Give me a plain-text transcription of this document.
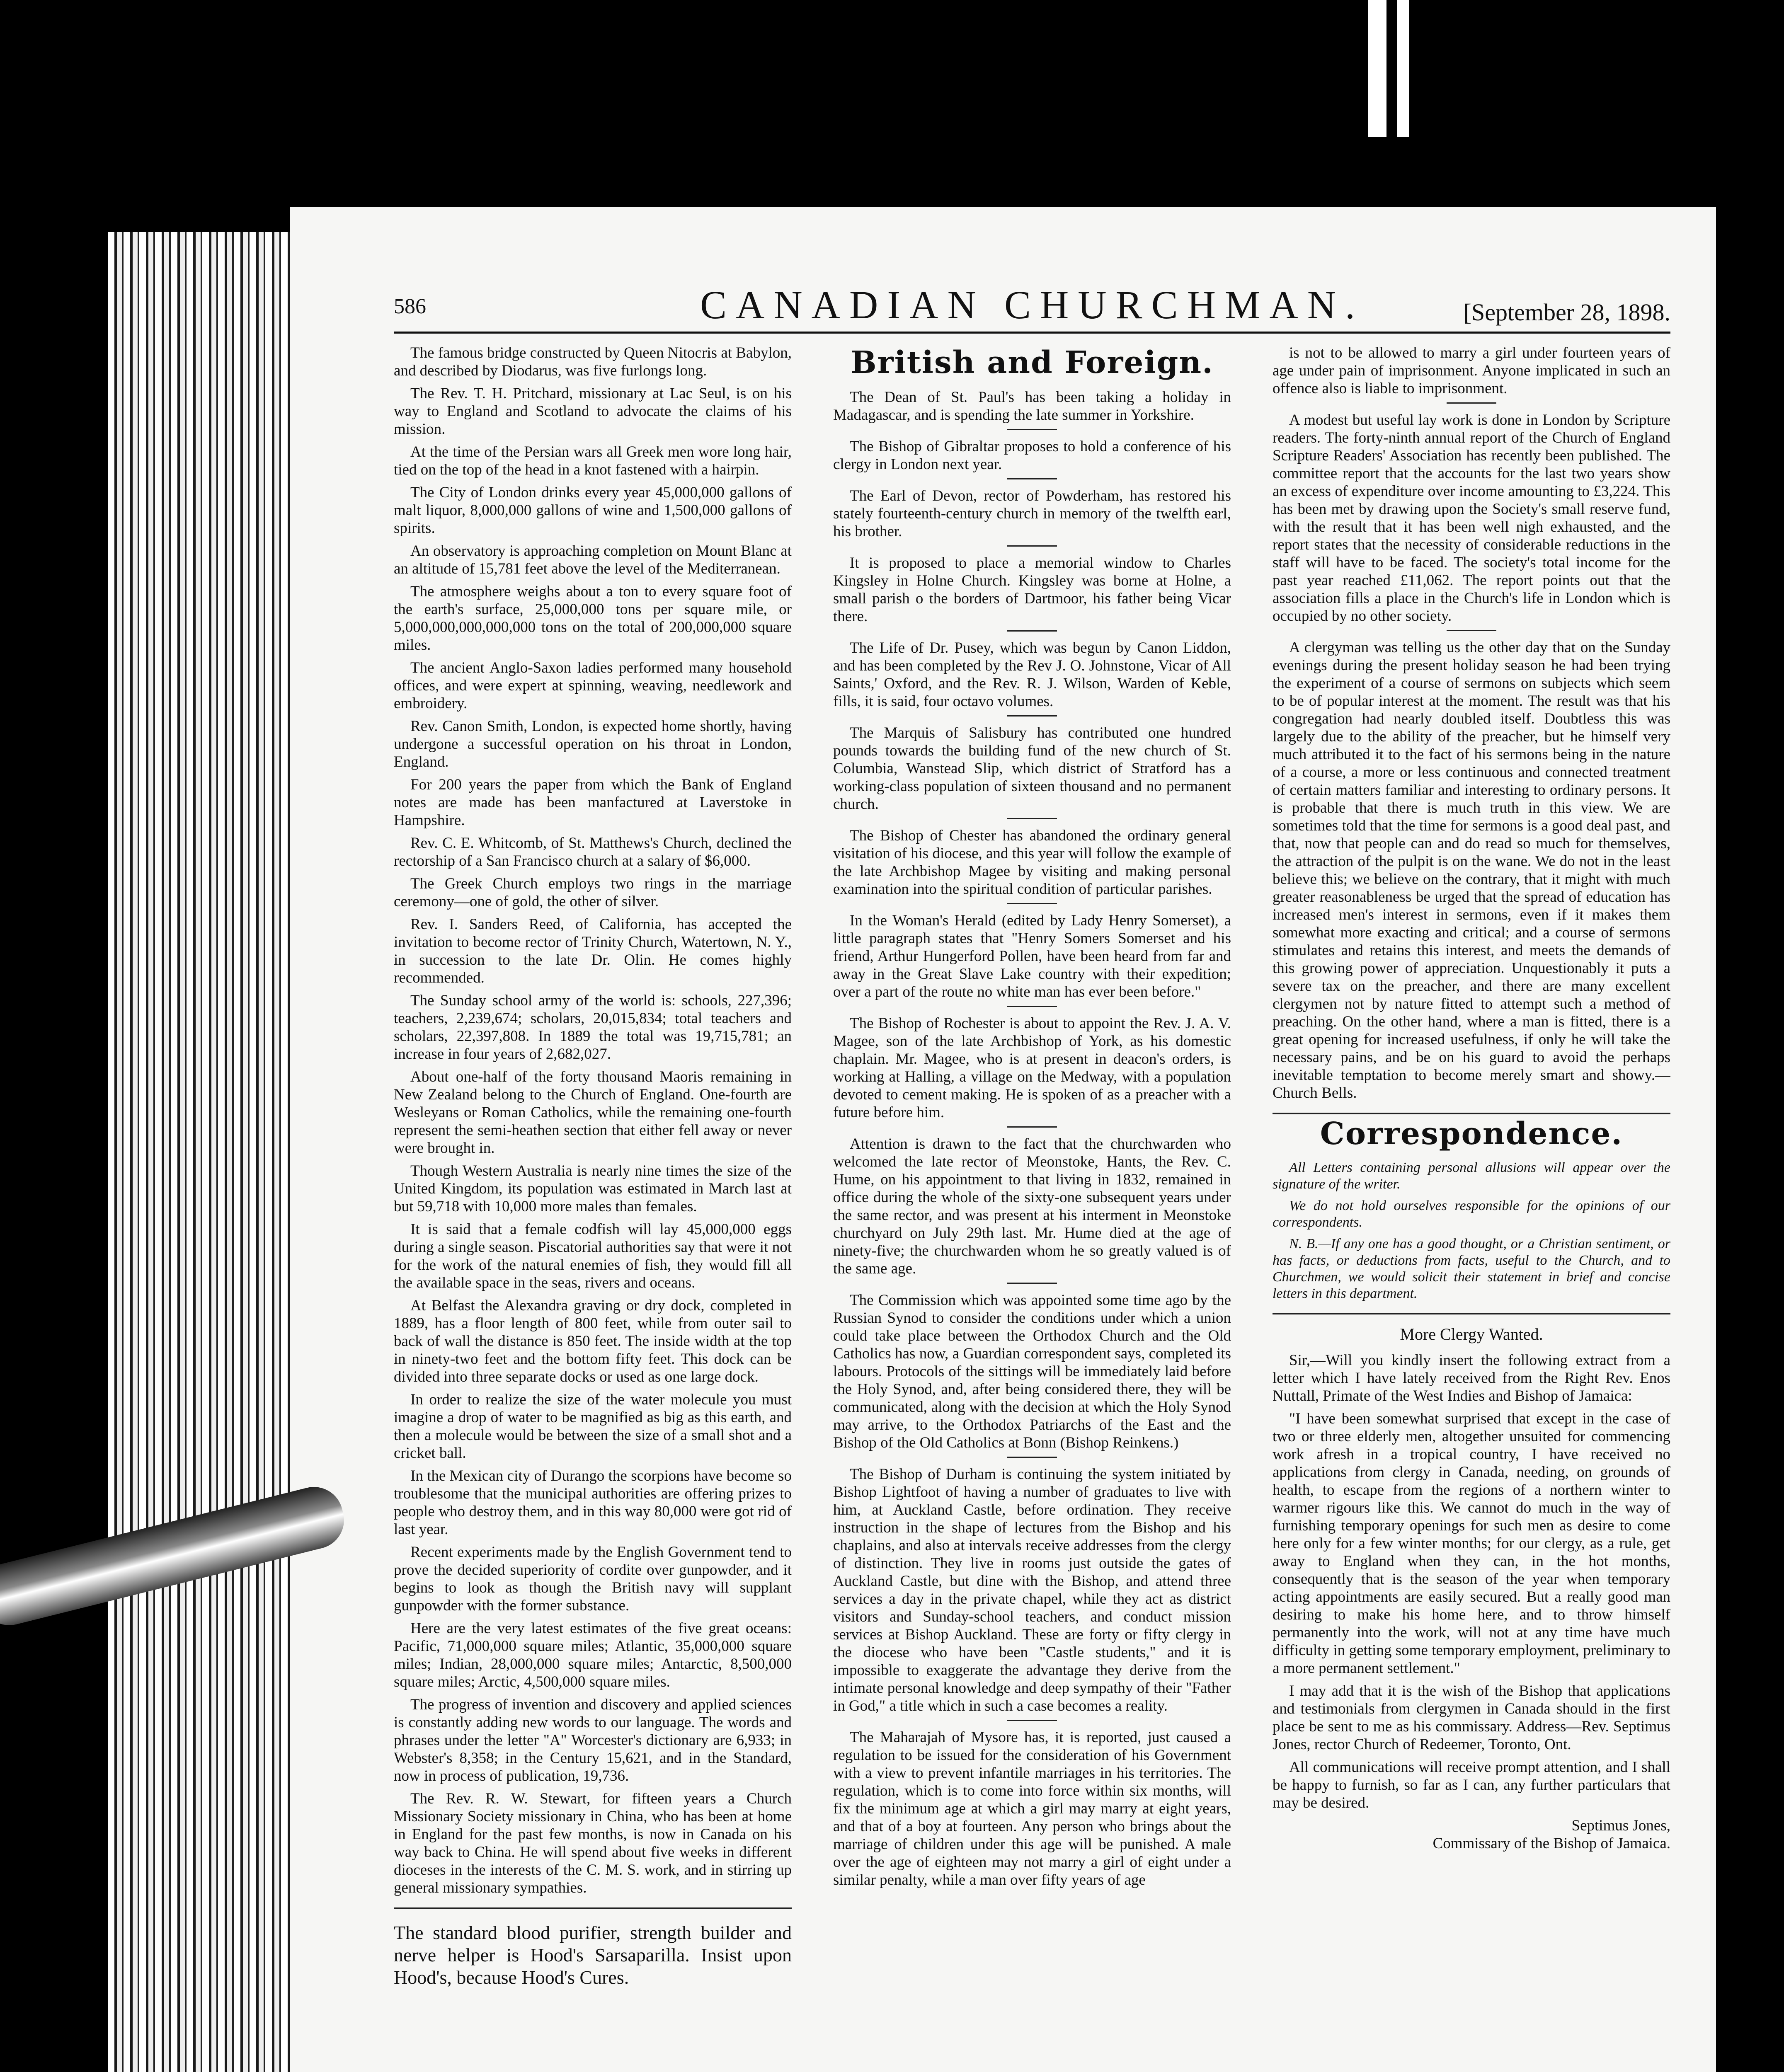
586	CANADIAN CHURCHMAN.	[September 28, 1898.

The famous bridge constructed by Queen Nitocris at Babylon, and described by Diodarus, was five furlongs long.

The Rev. T. H. Pritchard, missionary at Lac Seul, is on his way to England and Scotland to advocate the claims of his mission.

At the time of the Persian wars all Greek men wore long hair, tied on the top of the head in a knot fastened with a hairpin.

The City of London drinks every year 45,000,000 gallons of malt liquor, 8,000,000 gallons of wine and 1,500,000 gallons of spirits.

An observatory is approaching completion on Mount Blanc at an altitude of 15,781 feet above the level of the Mediterranean.

The atmosphere weighs about a ton to every square foot of the earth's surface, 25,000,000 tons per square mile, or 5,000,000,000,000,000 tons on the total of 200,000,000 square miles.

The ancient Anglo-Saxon ladies performed many household offices, and were expert at spinning, weaving, needlework and embroidery.

Rev. Canon Smith, London, is expected home shortly, having undergone a successful operation on his throat in London, England.

For 200 years the paper from which the Bank of England notes are made has been manfactured at Laverstoke in Hampshire.

Rev. C. E. Whitcomb, of St. Matthews's Church, declined the rectorship of a San Francisco church at a salary of $6,000.

The Greek Church employs two rings in the marriage ceremony—one of gold, the other of silver.

Rev. I. Sanders Reed, of California, has accepted the invitation to become rector of Trinity Church, Watertown, N. Y., in succession to the late Dr. Olin. He comes highly recommended.

The Sunday school army of the world is: schools, 227,396; teachers, 2,239,674; scholars, 20,015,834; total teachers and scholars, 22,397,808. In 1889 the total was 19,715,781; an increase in four years of 2,682,027.

About one-half of the forty thousand Maoris remaining in New Zealand belong to the Church of England. One-fourth are Wesleyans or Roman Catholics, while the remaining one-fourth represent the semi-heathen section that either fell away or never were brought in.

Though Western Australia is nearly nine times the size of the United Kingdom, its population was estimated in March last at but 59,718 with 10,000 more males than females.

It is said that a female codfish will lay 45,000,000 eggs during a single season. Piscatorial authorities say that were it not for the work of the natural enemies of fish, they would fill all the available space in the seas, rivers and oceans.

At Belfast the Alexandra graving or dry dock, completed in 1889, has a floor length of 800 feet, while from outer sail to back of wall the distance is 850 feet. The inside width at the top in ninety-two feet and the bottom fifty feet. This dock can be divided into three separate docks or used as one large dock.

In order to realize the size of the water molecule you must imagine a drop of water to be magnified as big as this earth, and then a molecule would be between the size of a small shot and a cricket ball.

In the Mexican city of Durango the scorpions have become so troublesome that the municipal authorities are offering prizes to people who destroy them, and in this way 80,000 were got rid of last year.

Recent experiments made by the English Government tend to prove the decided superiority of cordite over gunpowder, and it begins to look as though the British navy will supplant gunpowder with the former substance.

Here are the very latest estimates of the five great oceans: Pacific, 71,000,000 square miles; Atlantic, 35,000,000 square miles; Indian, 28,000,000 square miles; Antarctic, 8,500,000 square miles; Arctic, 4,500,000 square miles.

The progress of invention and discovery and applied sciences is constantly adding new words to our language. The words and phrases under the letter "A" Worcester's dictionary are 6,933; in Webster's 8,358; in the Century 15,621, and in the Standard, now in process of publication, 19,736.

The Rev. R. W. Stewart, for fifteen years a Church Missionary Society missionary in China, who has been at home in England for the past few months, is now in Canada on his way back to China. He will spend about five weeks in different dioceses in the interests of the C. M. S. work, and in stirring up general missionary sympathies.

The standard blood purifier, strength builder and nerve helper is Hood's Sarsaparilla. Insist upon Hood's, because Hood's Cures.
British and Foreign.

The Dean of St. Paul's has been taking a holiday in Madagascar, and is spending the late summer in Yorkshire.

The Bishop of Gibraltar proposes to hold a conference of his clergy in London next year.

The Earl of Devon, rector of Powderham, has restored his stately fourteenth-century church in memory of the twelfth earl, his brother.

It is proposed to place a memorial window to Charles Kingsley in Holne Church. Kingsley was borne at Holne, a small parish o the borders of Dartmoor, his father being Vicar there.

The Life of Dr. Pusey, which was begun by Canon Liddon, and has been completed by the Rev J. O. Johnstone, Vicar of All Saints,' Oxford, and the Rev. R. J. Wilson, Warden of Keble, fills, it is said, four octavo volumes.

The Marquis of Salisbury has contributed one hundred pounds towards the building fund of the new church of St. Columbia, Wanstead Slip, which district of Stratford has a working-class population of sixteen thousand and no permanent church.

The Bishop of Chester has abandoned the ordinary general visitation of his diocese, and this year will follow the example of the late Archbishop Magee by visiting and making personal examination into the spiritual condition of particular parishes.

In the Woman's Herald (edited by Lady Henry Somerset), a little paragraph states that "Henry Somers Somerset and his friend, Arthur Hungerford Pollen, have been heard from far and away in the Great Slave Lake country with their expedition; over a part of the route no white man has ever been before."

The Bishop of Rochester is about to appoint the Rev. J. A. V. Magee, son of the late Archbishop of York, as his domestic chaplain. Mr. Magee, who is at present in deacon's orders, is working at Halling, a village on the Medway, with a population devoted to cement making. He is spoken of as a preacher with a future before him.

Attention is drawn to the fact that the churchwarden who welcomed the late rector of Meonstoke, Hants, the Rev. C. Hume, on his appointment to that living in 1832, remained in office during the whole of the sixty-one subsequent years under the same rector, and was present at his interment in Meonstoke churchyard on July 29th last. Mr. Hume died at the age of ninety-five; the churchwarden whom he so greatly valued is of the same age.

The Commission which was appointed some time ago by the Russian Synod to consider the conditions under which a union could take place between the Orthodox Church and the Old Catholics has now, a Guardian correspondent says, completed its labours. Protocols of the sittings will be immediately laid before the Holy Synod, and, after being considered there, they will be communicated, along with the decision at which the Holy Synod may arrive, to the Orthodox Patriarchs of the East and the Bishop of the Old Catholics at Bonn (Bishop Reinkens.)

The Bishop of Durham is continuing the system initiated by Bishop Lightfoot of having a number of graduates to live with him, at Auckland Castle, before ordination. They receive instruction in the shape of lectures from the Bishop and his chaplains, and also at intervals receive addresses from the clergy of distinction. They live in rooms just outside the gates of Auckland Castle, but dine with the Bishop, and attend three services a day in the private chapel, while they act as district visitors and Sunday-school teachers, and conduct mission services at Bishop Auckland. These are forty or fifty clergy in the diocese who have been "Castle students," and it is impossible to exaggerate the advantage they derive from the intimate personal knowledge and deep sympathy of their "Father in God," a title which in such a case becomes a reality.

The Maharajah of Mysore has, it is reported, just caused a regulation to be issued for the consideration of his Government with a view to prevent infantile marriages in his territories. The regulation, which is to come into force within six months, will fix the minimum age at which a girl may marry at eight years, and that of a boy at fourteen. Any person who brings about the marriage of children under this age will be punished. A male over the age of eighteen may not marry a girl of eight under a similar penalty, while a man over fifty years of age

is not to be allowed to marry a girl under fourteen years of age under pain of imprisonment. Anyone implicated in such an offence also is liable to imprisonment.

A modest but useful lay work is done in London by Scripture readers. The forty-ninth annual report of the Church of England Scripture Readers' Association has recently been published. The committee report that the accounts for the last two years show an excess of expenditure over income amounting to £3,224. This has been met by drawing upon the Society's small reserve fund, with the result that it has been well nigh exhausted, and the report states that the necessity of considerable reductions in the staff will have to be faced. The society's total income for the past year reached £11,062. The report points out that the association fills a place in the Church's life in London which is occupied by no other society.

A clergyman was telling us the other day that on the Sunday evenings during the present holiday season he had been trying the experiment of a course of sermons on subjects which seem to be of popular interest at the moment. The result was that his congregation had nearly doubled itself. Doubtless this was largely due to the ability of the preacher, but he himself very much attributed it to the fact of his sermons being in the nature of a course, a more or less continuous and connected treatment of certain matters familiar and interesting to ordinary persons. It is probable that there is much truth in this view. We are sometimes told that the time for sermons is a good deal past, and that, now that people can and do read so much for themselves, the attraction of the pulpit is on the wane. We do not in the least believe this; we believe on the contrary, that it might with much greater reasonableness be urged that the spread of education has increased men's interest in sermons, even if it makes them somewhat more exacting and critical; and a course of sermons stimulates and retains this interest, and meets the demands of this growing power of appreciation. Unquestionably it puts a severe tax on the preacher, and there are many excellent clergymen not by nature fitted to attempt such a method of preaching. On the other hand, where a man is fitted, there is a great opening for increased usefulness, if only he will take the necessary pains, and be on his guard to avoid the perhaps inevitable temptation to become merely smart and showy.—Church Bells.

Correspondence.

All Letters containing personal allusions will appear over the signature of the writer.

We do not hold ourselves responsible for the opinions of our correspondents.

N. B.—If any one has a good thought, or a Christian sentiment, or has facts, or deductions from facts, useful to the Church, and to Churchmen, we would solicit their statement in brief and concise letters in this department.

More Clergy Wanted.

Sir,—Will you kindly insert the following extract from a letter which I have lately received from the Right Rev. Enos Nuttall, Primate of the West Indies and Bishop of Jamaica:

"I have been somewhat surprised that except in the case of two or three elderly men, altogether unsuited for commencing work afresh in a tropical country, I have received no applications from clergy in Canada, needing, on grounds of health, to escape from the regions of a northern winter to warmer rigours like this. We cannot do much in the way of furnishing temporary openings for such men as desire to come here only for a few winter months; for our clergy, as a rule, get away to England when they can, in the hot months, consequently that is the season of the year when temporary acting appointments are easily secured. But a really good man desiring to make his home here, and to throw himself permanently into the work, will not at any time have much difficulty in getting some temporary employment, preliminary to a more permanent settlement."

I may add that it is the wish of the Bishop that applications and testimonials from clergymen in Canada should in the first place be sent to me as his commissary. Address—Rev. Septimus Jones, rector Church of Redeemer, Toronto, Ont.

All communications will receive prompt attention, and I shall be happy to furnish, so far as I can, any further particulars that may be desired.

Septimus Jones,
Commissary of the Bishop of Jamaica.
